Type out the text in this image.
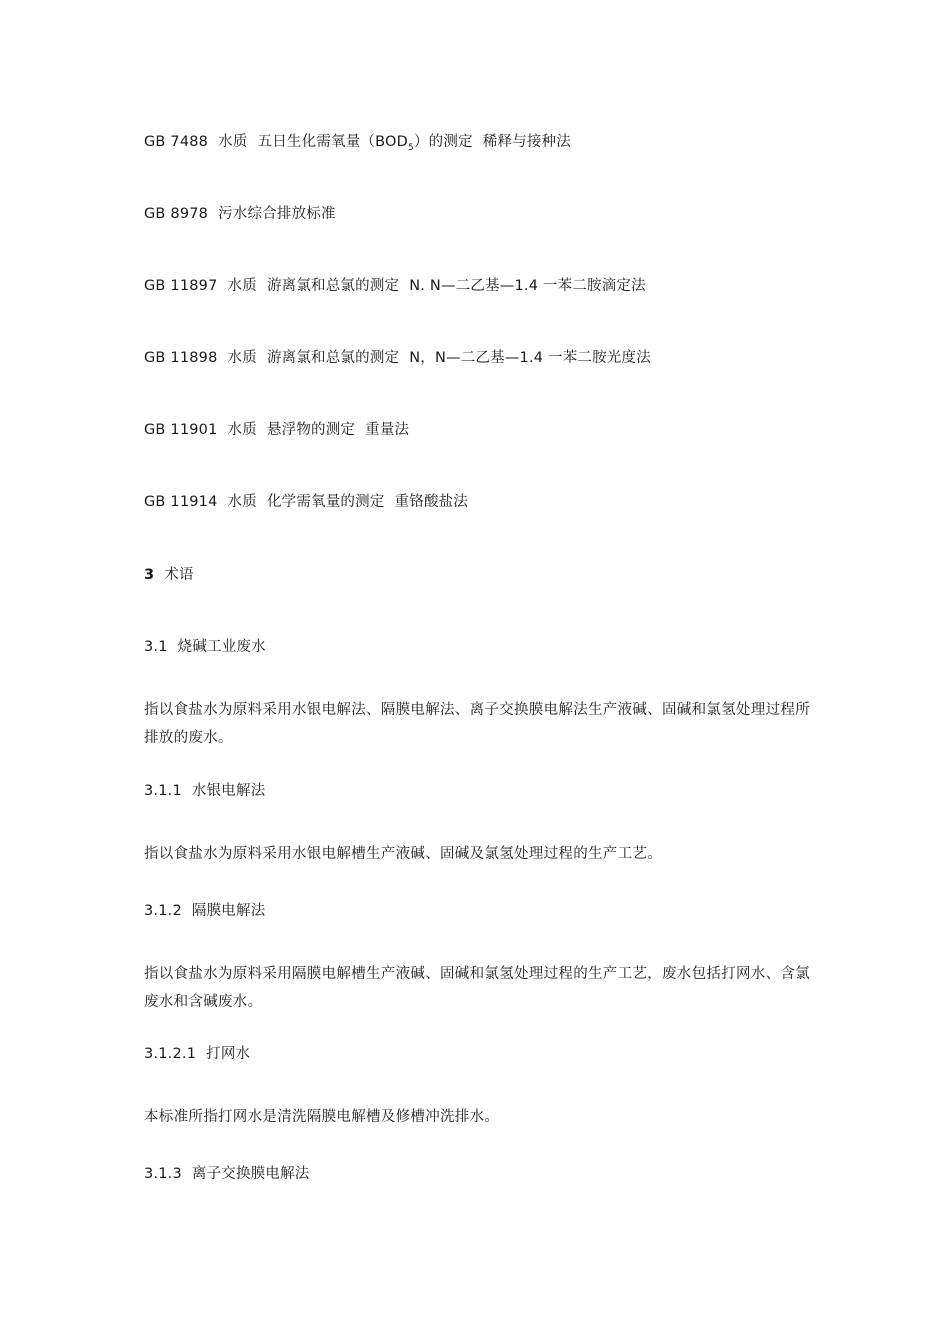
GB 7488 水质 五日生化需氧量$(BOD_5)$的测定 稀释与接种法
GB 8978 污水综合排放标准
GB 11897 水质 游离氯和总氯的测定 N. N—二乙基—1.4 一苯二胺滴定法
GB 11898 水质 游离氯和总氯的测定 N，N—二乙基—1.4 一苯二胺光度法
GB 11901 水质 悬浮物的测定 重量法
GB 11914 水质 化学需氧量的测定 重铬酸盐法
3 术语
3.1 烧碱工业废水
指以食盐水为原料采用水银电解法、隔膜电解法、离子交换膜电解法生产液碱、固碱和氯氢处理过程所排放的废水。
3.1.1 水银电解法
指以食盐水为原料采用水银电解槽生产液碱、固碱及氯氢处理过程的生产工艺。
3.1.2 隔膜电解法
指以食盐水为原料采用隔膜电解槽生产液碱、固碱和氯氢处理过程的生产工艺，废水包括打网水、含氯废水和含碱废水。
3.1.2.1 打网水
本标准所指打网水是清洗隔膜电解槽及修槽冲洗排水。
3.1.3 离子交换膜电解法
